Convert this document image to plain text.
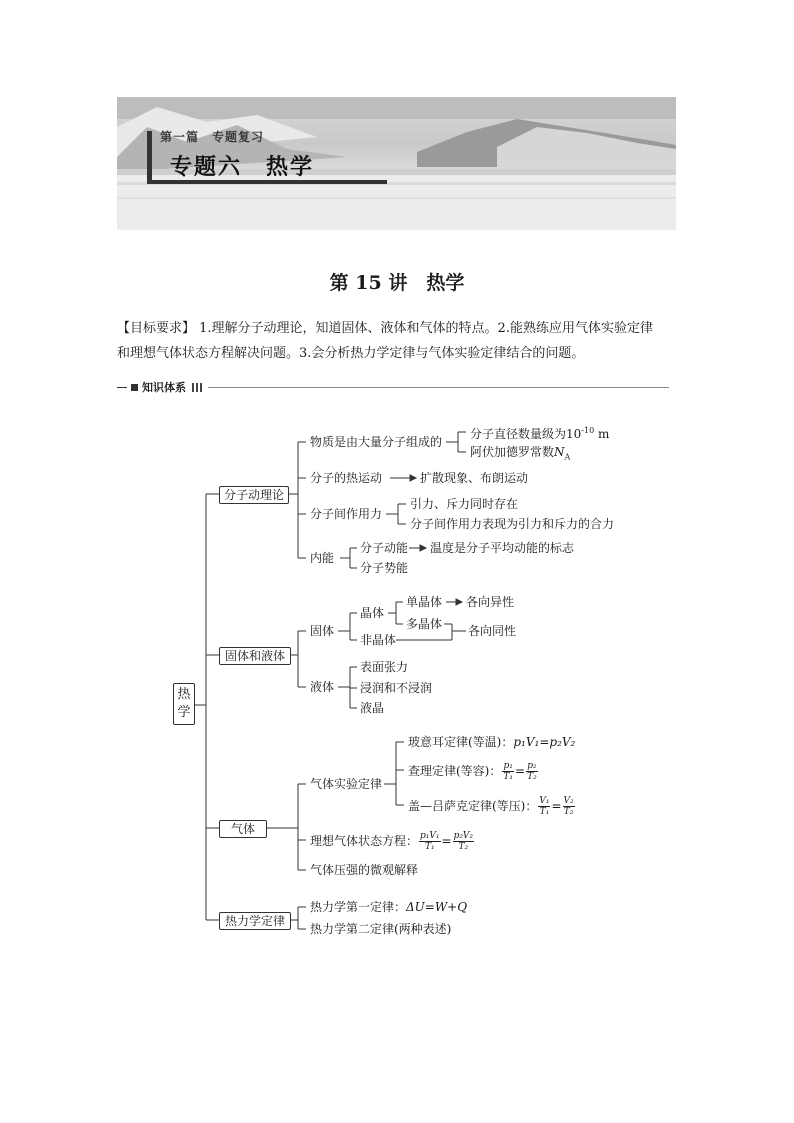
第一篇　专题复习
专题六　热学
第 15 讲　热学
【目标要求】 1.理解分子动理论，知道固体、液体和气体的特点。2.能熟练应用气体实验定律
和理想气体状态方程解决问题。3.会分析热力学定律与气体实验定律结合的问题。
知识体系
热学
分子动理论
固体和液体
气体
热力学定律
物质是由大量分子组成的
分子直径数量级为$10^{-10}$ m
阿伏加德罗常数$N_A$
分子的热运动	扩散现象、布朗运动
分子间作用力
引力、斥力同时存在
分子间作用力表现为引力和斥力的合力
内能
分子动能 温度是分子平均动能的标志
分子势能
固体
晶体
单晶体 各向异性
多晶体
非晶体
各向同性
液体
表面张力
浸润和不浸润
液晶
气体实验定律
玻意耳定律(等温)：p₁V₁=p₂V₂
查理定律(等容)： $\frac{\text{p₁}}{\text{T₁}} = \frac{\text{p₂}}{\text{T₂}}$
盖—吕萨克定律(等压)： $\frac{\text{V₁}}{\text{T₁}} = \frac{\text{V₂}}{\text{T₂}}$
理想气体状态方程： $\frac{\text{p₁V₁}}{\text{T₁}} = \frac{\text{p₂V₂}}{\text{T₂}}$
气体压强的微观解释
热力学第一定律：ΔU=W+Q
热力学第二定律(两种表述)
